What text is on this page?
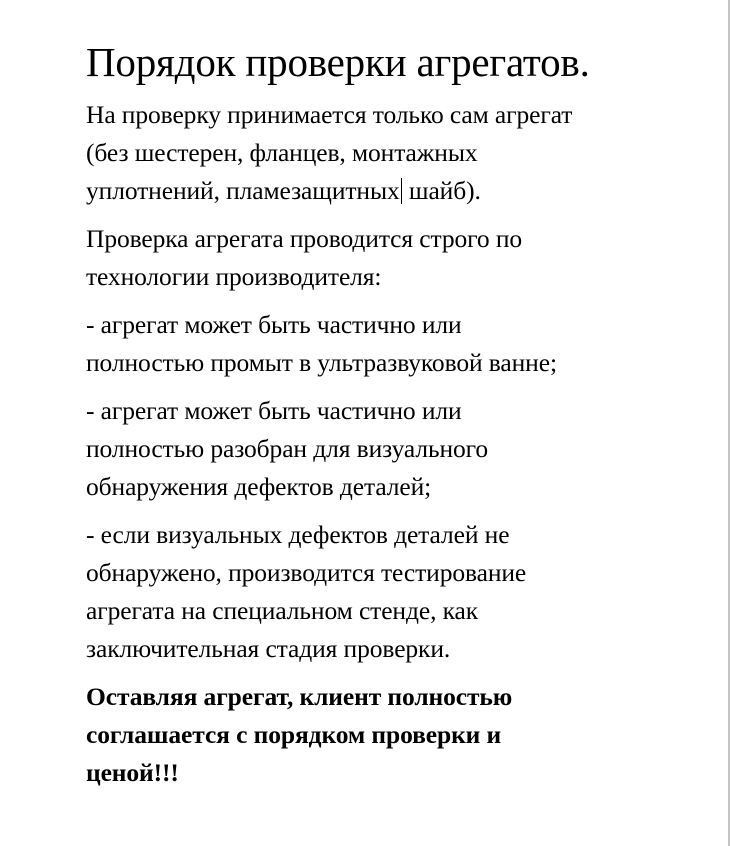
Порядок проверки агрегатов.

На проверку принимается только сам агрегат
(без шестерен, фланцев, монтажных
уплотнений, пламезащитных шайб).

Проверка агрегата проводится строго по
технологии производителя:

- агрегат может быть частично или
полностью промыт в ультразвуковой ванне;

- агрегат может быть частично или
полностью разобран для визуального
обнаружения дефектов деталей;

- если визуальных дефектов деталей не
обнаружено, производится тестирование
агрегата на специальном стенде, как
заключительная стадия проверки.

Оставляя агрегат, клиент полностью
соглашается с порядком проверки и
ценой!!!
